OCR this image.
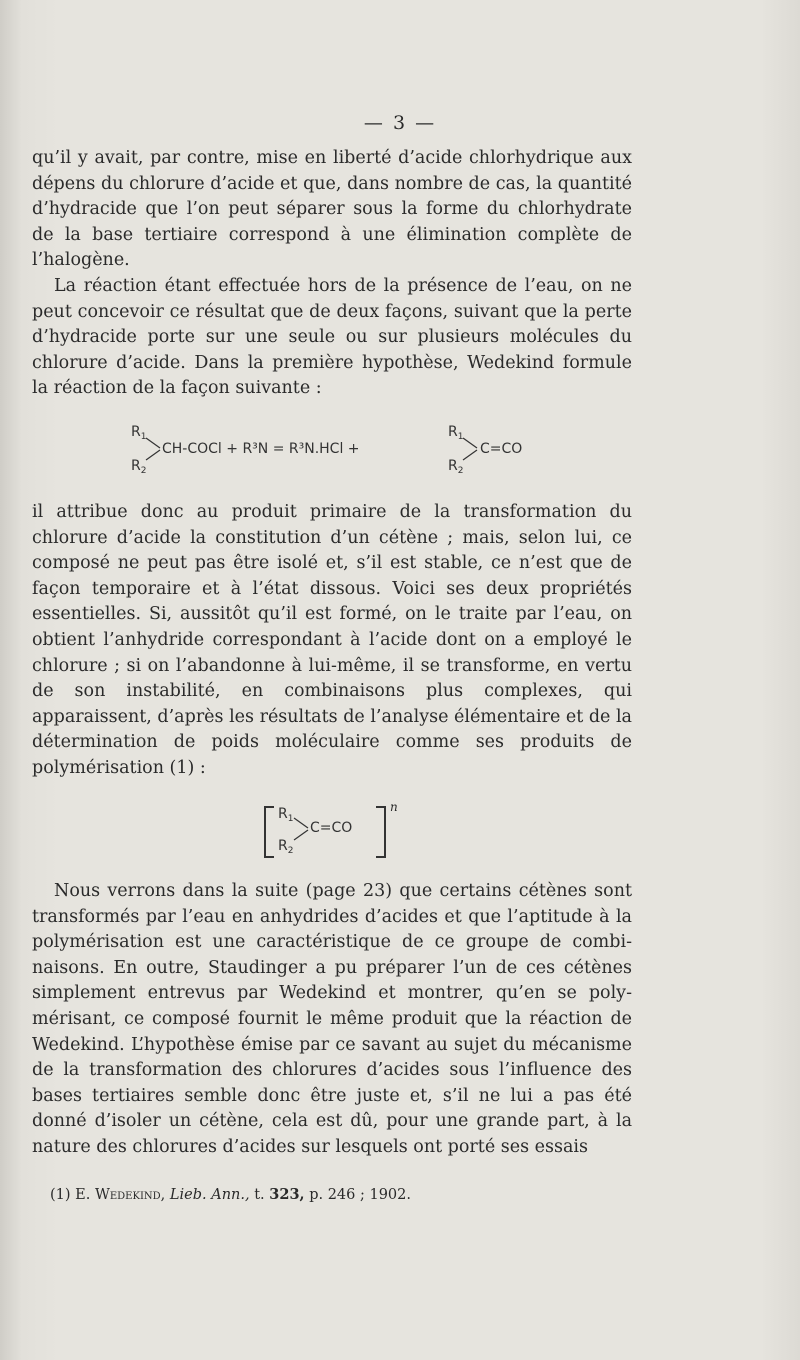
— 3 —

qu’il y avait, par contre, mise en liberté d’acide chlorhydrique aux dépens du chlorure d’acide et que, dans nombre de cas, la quantité d’hydracide que l’on peut séparer sous la forme du chlorhydrate de la base tertiaire correspond à une élimination complète de l’halogène.

La réaction étant effectuée hors de la présence de l’eau, on ne peut concevoir ce résultat que de deux façons, suivant que la perte d’hydracide porte sur une seule ou sur plusieurs molécules du chlorure d’acide. Dans la première hypothèse, Wedekind formule la réaction de la façon suivante :

$R_1$
$R_2$
CH-COCl + R³N = R³N.HCl +
$R_1$
$R_2$
C=CO

il attribue donc au produit primaire de la transformation du chlorure d’acide la constitution d’un cétène ; mais, selon lui, ce composé ne peut pas être isolé et, s’il est stable, ce n’est que de façon temporaire et à l’état dissous. Voici ses deux propriétés essentielles. Si, aussitôt qu’il est formé, on le traite par l’eau, on obtient l’anhydride correspondant à l’acide dont on a employé le chlorure ; si on l’abandonne à lui-même, il se transforme, en vertu de son instabilité, en combinaisons plus complexes, qui apparaissent, d’après les résultats de l’analyse élémentaire et de la détermination de poids moléculaire comme ses produits de polymérisation (1) :

$R_1$
$R_2$
C=CO
n

Nous verrons dans la suite (page 23) que certains cétènes sont transformés par l’eau en anhydrides d’acides et que l’aptitude à la polymérisation est une caractéristique de ce groupe de combinaisons. En outre, Staudinger a pu préparer l’un de ces cétènes simplement entrevus par Wedekind et montrer, qu’en se polymérisant, ce composé fournit le même produit que la réaction de Wedekind. L’hypothèse émise par ce savant au sujet du mécanisme de la transformation des chlorures d’acides sous l’influence des bases tertiaires semble donc être juste et, s’il ne lui a pas été donné d’isoler un cétène, cela est dû, pour une grande part, à la nature des chlorures d’acides sur lesquels ont porté ses essais

(1) E. Wedekind, Lieb. Ann., t. 323, p. 246 ; 1902.
